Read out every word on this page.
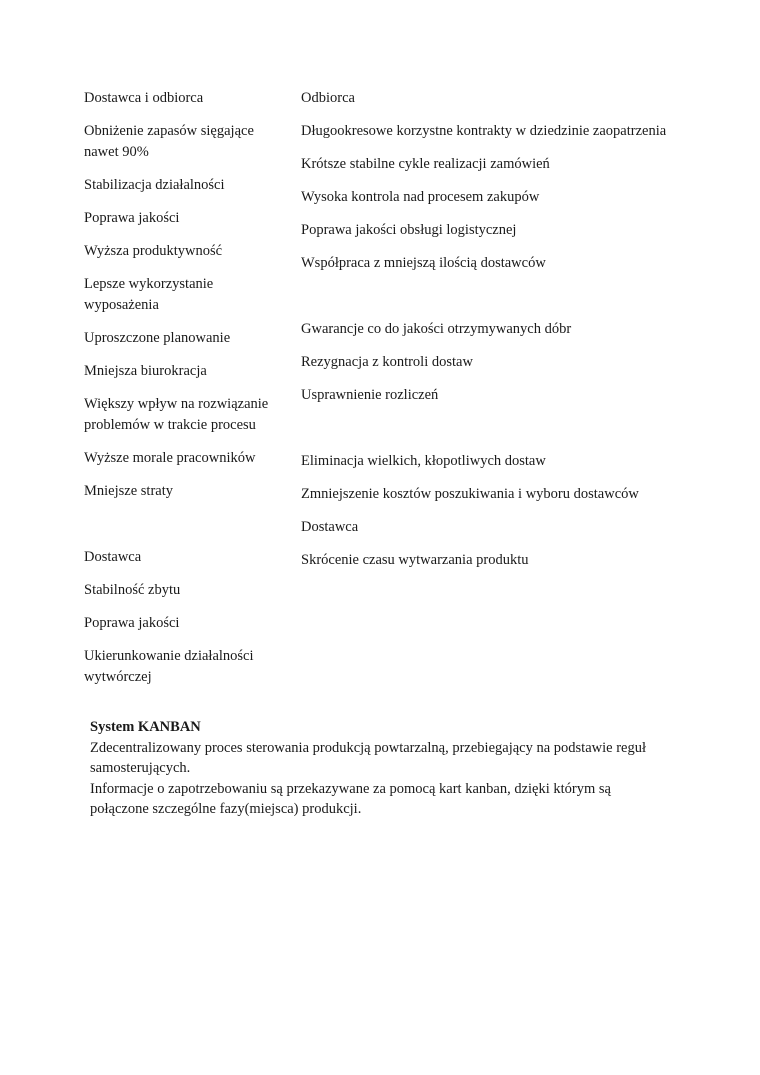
Dostawca i odbiorca

Obniżenie zapasów sięgające nawet 90%

Stabilizacja działalności

Poprawa jakości

Wyższa produktywność

Lepsze wykorzystanie wyposażenia

Uproszczone planowanie

Mniejsza biurokracja

Większy wpływ na rozwiązanie problemów w trakcie procesu

Wyższe morale pracowników

Mniejsze straty

Dostawca

Stabilność zbytu

Poprawa jakości

Ukierunkowanie działalności wytwórczej

Odbiorca

Długookresowe korzystne kontrakty w dziedzinie zaopatrzenia

Krótsze stabilne cykle realizacji zamówień

Wysoka kontrola nad procesem zakupów

Poprawa jakości obsługi logistycznej

Współpraca z mniejszą ilością dostawców

Gwarancje co do jakości otrzymywanych dóbr

Rezygnacja z kontroli dostaw

Usprawnienie rozliczeń

Eliminacja wielkich, kłopotliwych dostaw

Zmniejszenie kosztów poszukiwania i wyboru dostawców

Dostawca

Skrócenie czasu wytwarzania produktu

System KANBAN

Zdecentralizowany proces sterowania produkcją powtarzalną, przebiegający na podstawie reguł samosterujących.

Informacje o zapotrzebowaniu są przekazywane za pomocą kart kanban, dzięki którym są połączone szczególne fazy(miejsca) produkcji.
